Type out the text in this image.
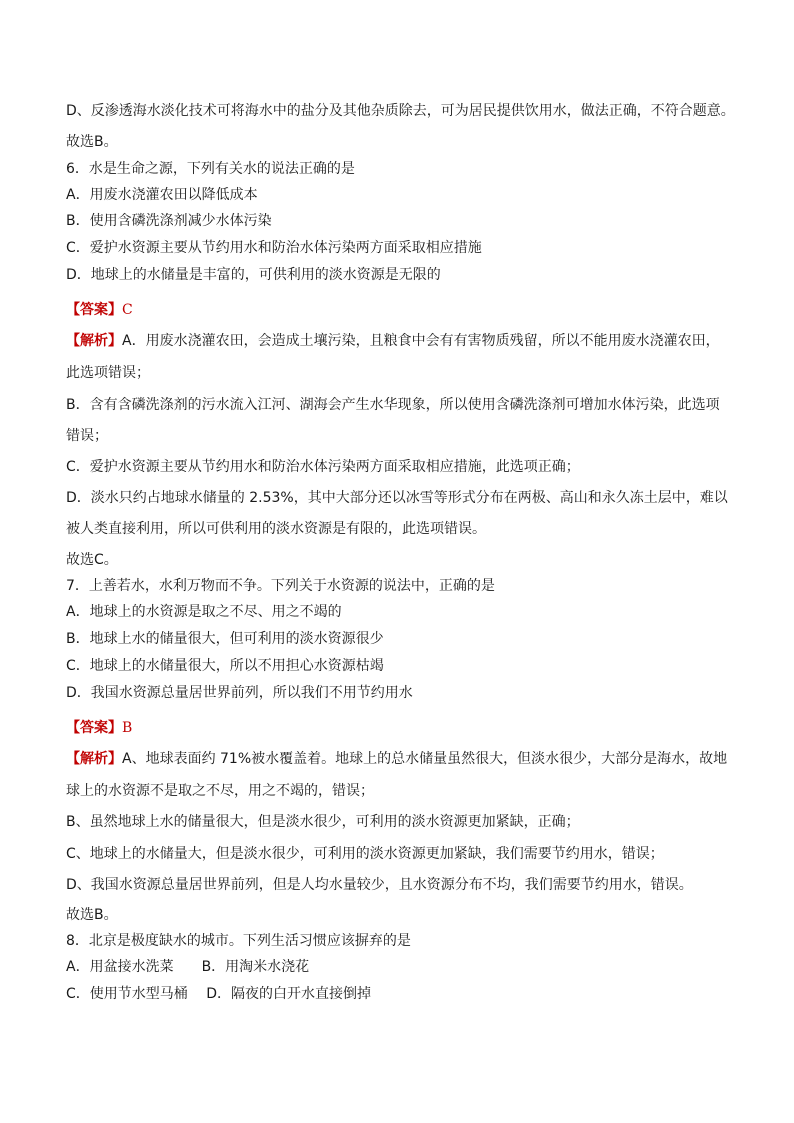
D、反渗透海水淡化技术可将海水中的盐分及其他杂质除去，可为居民提供饮用水，做法正确，不符合题意。
故选B。
6．水是生命之源，下列有关水的说法正确的是
A．用废水浇灌农田以降低成本
B．使用含磷洗涤剂减少水体污染
C．爱护水资源主要从节约用水和防治水体污染两方面采取相应措施
D．地球上的水储量是丰富的，可供利用的淡水资源是无限的
【答案】C
【解析】A．用废水浇灌农田，会造成土壤污染，且粮食中会有有害物质残留，所以不能用废水浇灌农田，
此选项错误；
B．含有含磷洗涤剂的污水流入江河、湖海会产生水华现象，所以使用含磷洗涤剂可增加水体污染，此选项
错误；
C．爱护水资源主要从节约用水和防治水体污染两方面采取相应措施，此选项正确；
D．淡水只约占地球水储量的 2.53%，其中大部分还以冰雪等形式分布在两极、高山和永久冻土层中，难以
被人类直接利用，所以可供利用的淡水资源是有限的，此选项错误。
故选C。
7．上善若水，水利万物而不争。下列关于水资源的说法中，正确的是
A．地球上的水资源是取之不尽、用之不竭的
B．地球上水的储量很大，但可利用的淡水资源很少
C．地球上的水储量很大，所以不用担心水资源枯竭
D．我国水资源总量居世界前列，所以我们不用节约用水
【答案】B
【解析】A、地球表面约 71%被水覆盖着。地球上的总水储量虽然很大，但淡水很少，大部分是海水，故地
球上的水资源不是取之不尽，用之不竭的，错误；
B、虽然地球上水的储量很大，但是淡水很少，可利用的淡水资源更加紧缺，正确；
C、地球上的水储量大，但是淡水很少，可利用的淡水资源更加紧缺，我们需要节约用水，错误；
D、我国水资源总量居世界前列，但是人均水量较少，且水资源分布不均，我们需要节约用水，错误。
故选B。
8．北京是极度缺水的城市。下列生活习惯应该摒弃的是
A．用盆接水洗菜　　B．用淘米水浇花
C．使用节水型马桶　 D．隔夜的白开水直接倒掉
